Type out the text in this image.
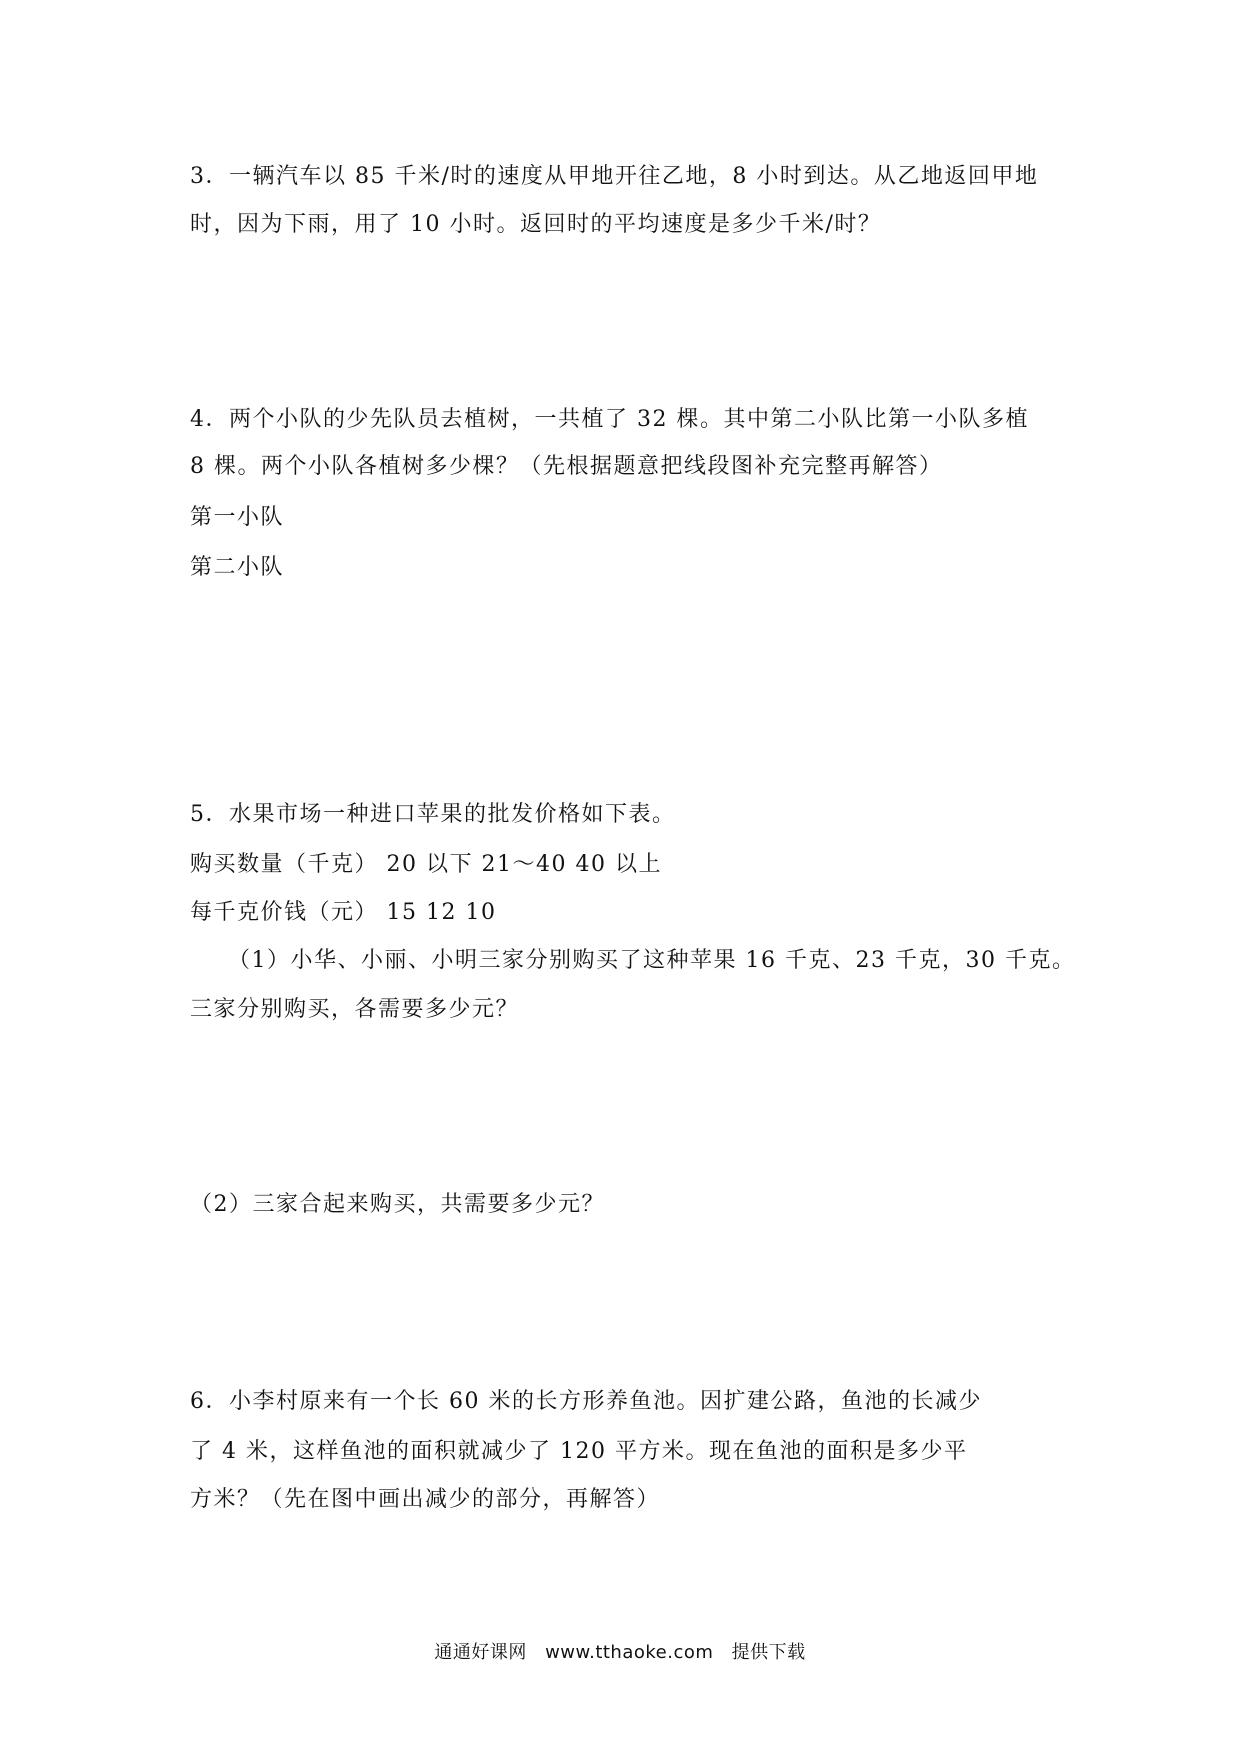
3．一辆汽车以 85 千米/时的速度从甲地开往乙地，8 小时到达。从乙地返回甲地
时，因为下雨，用了 10 小时。返回时的平均速度是多少千米/时？
4．两个小队的少先队员去植树，一共植了 32 棵。其中第二小队比第一小队多植
8 棵。两个小队各植树多少棵？（先根据题意把线段图补充完整再解答）
第一小队
第二小队
5．水果市场一种进口苹果的批发价格如下表。
购买数量（千克） 20 以下 21～40 40 以上
每千克价钱（元） 15 12 10
（1）小华、小丽、小明三家分别购买了这种苹果 16 千克、23 千克，30 千克。
三家分别购买，各需要多少元？
（2）三家合起来购买，共需要多少元？
6．小李村原来有一个长 60 米的长方形养鱼池。因扩建公路，鱼池的长减少
了 4 米，这样鱼池的面积就减少了 120 平方米。现在鱼池的面积是多少平
方米？（先在图中画出减少的部分，再解答）
通通好课网 www.tthaoke.com 提供下载
